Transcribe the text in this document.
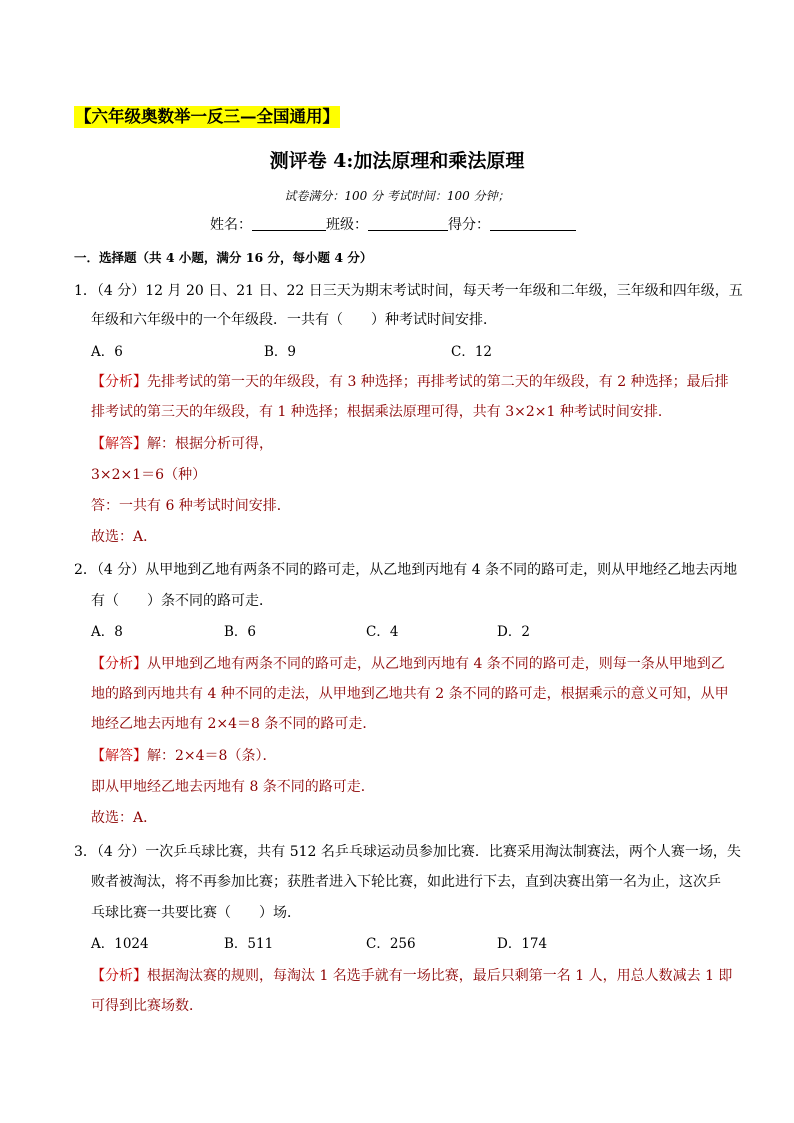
【六年级奥数举一反三—全国通用】
测评卷 4:加法原理和乘法原理
试卷满分：100 分 考试时间：100 分钟；
姓名：	班级：	得分：
一．选择题（共 4 小题，满分 16 分，每小题 4 分）
1．（4 分）12 月 20 日、21 日、22 日三天为期末考试时间，每天考一年级和二年级，三年级和四年级，五
年级和六年级中的一个年级段．一共有（　　）种考试时间安排．
A．6	B．9	C．12
【分析】先排考试的第一天的年级段，有 3 种选择；再排考试的第二天的年级段，有 2 种选择；最后排
排考试的第三天的年级段，有 1 种选择；根据乘法原理可得，共有 3×2×1 种考试时间安排．
【解答】解：根据分析可得，
3×2×1＝6（种）
答：一共有 6 种考试时间安排．
故选：A．
2．（4 分）从甲地到乙地有两条不同的路可走，从乙地到丙地有 4 条不同的路可走，则从甲地经乙地去丙地
有（　　）条不同的路可走．
A．8	B．6	C．4	D．2
【分析】从甲地到乙地有两条不同的路可走，从乙地到丙地有 4 条不同的路可走，则每一条从甲地到乙
地的路到丙地共有 4 种不同的走法，从甲地到乙地共有 2 条不同的路可走，根据乘示的意义可知，从甲
地经乙地去丙地有 2×4＝8 条不同的路可走．
【解答】解：2×4＝8（条）．
即从甲地经乙地去丙地有 8 条不同的路可走．
故选：A．
3．（4 分）一次乒乓球比赛，共有 512 名乒乓球运动员参加比赛．比赛采用淘汰制赛法，两个人赛一场，失
败者被淘汰，将不再参加比赛；获胜者进入下轮比赛，如此进行下去，直到决赛出第一名为止，这次乒
乓球比赛一共要比赛（　　）场．
A．1024	B．511	C．256	D．174
【分析】根据淘汰赛的规则，每淘汰 1 名选手就有一场比赛，最后只剩第一名 1 人，用总人数减去 1 即
可得到比赛场数．
